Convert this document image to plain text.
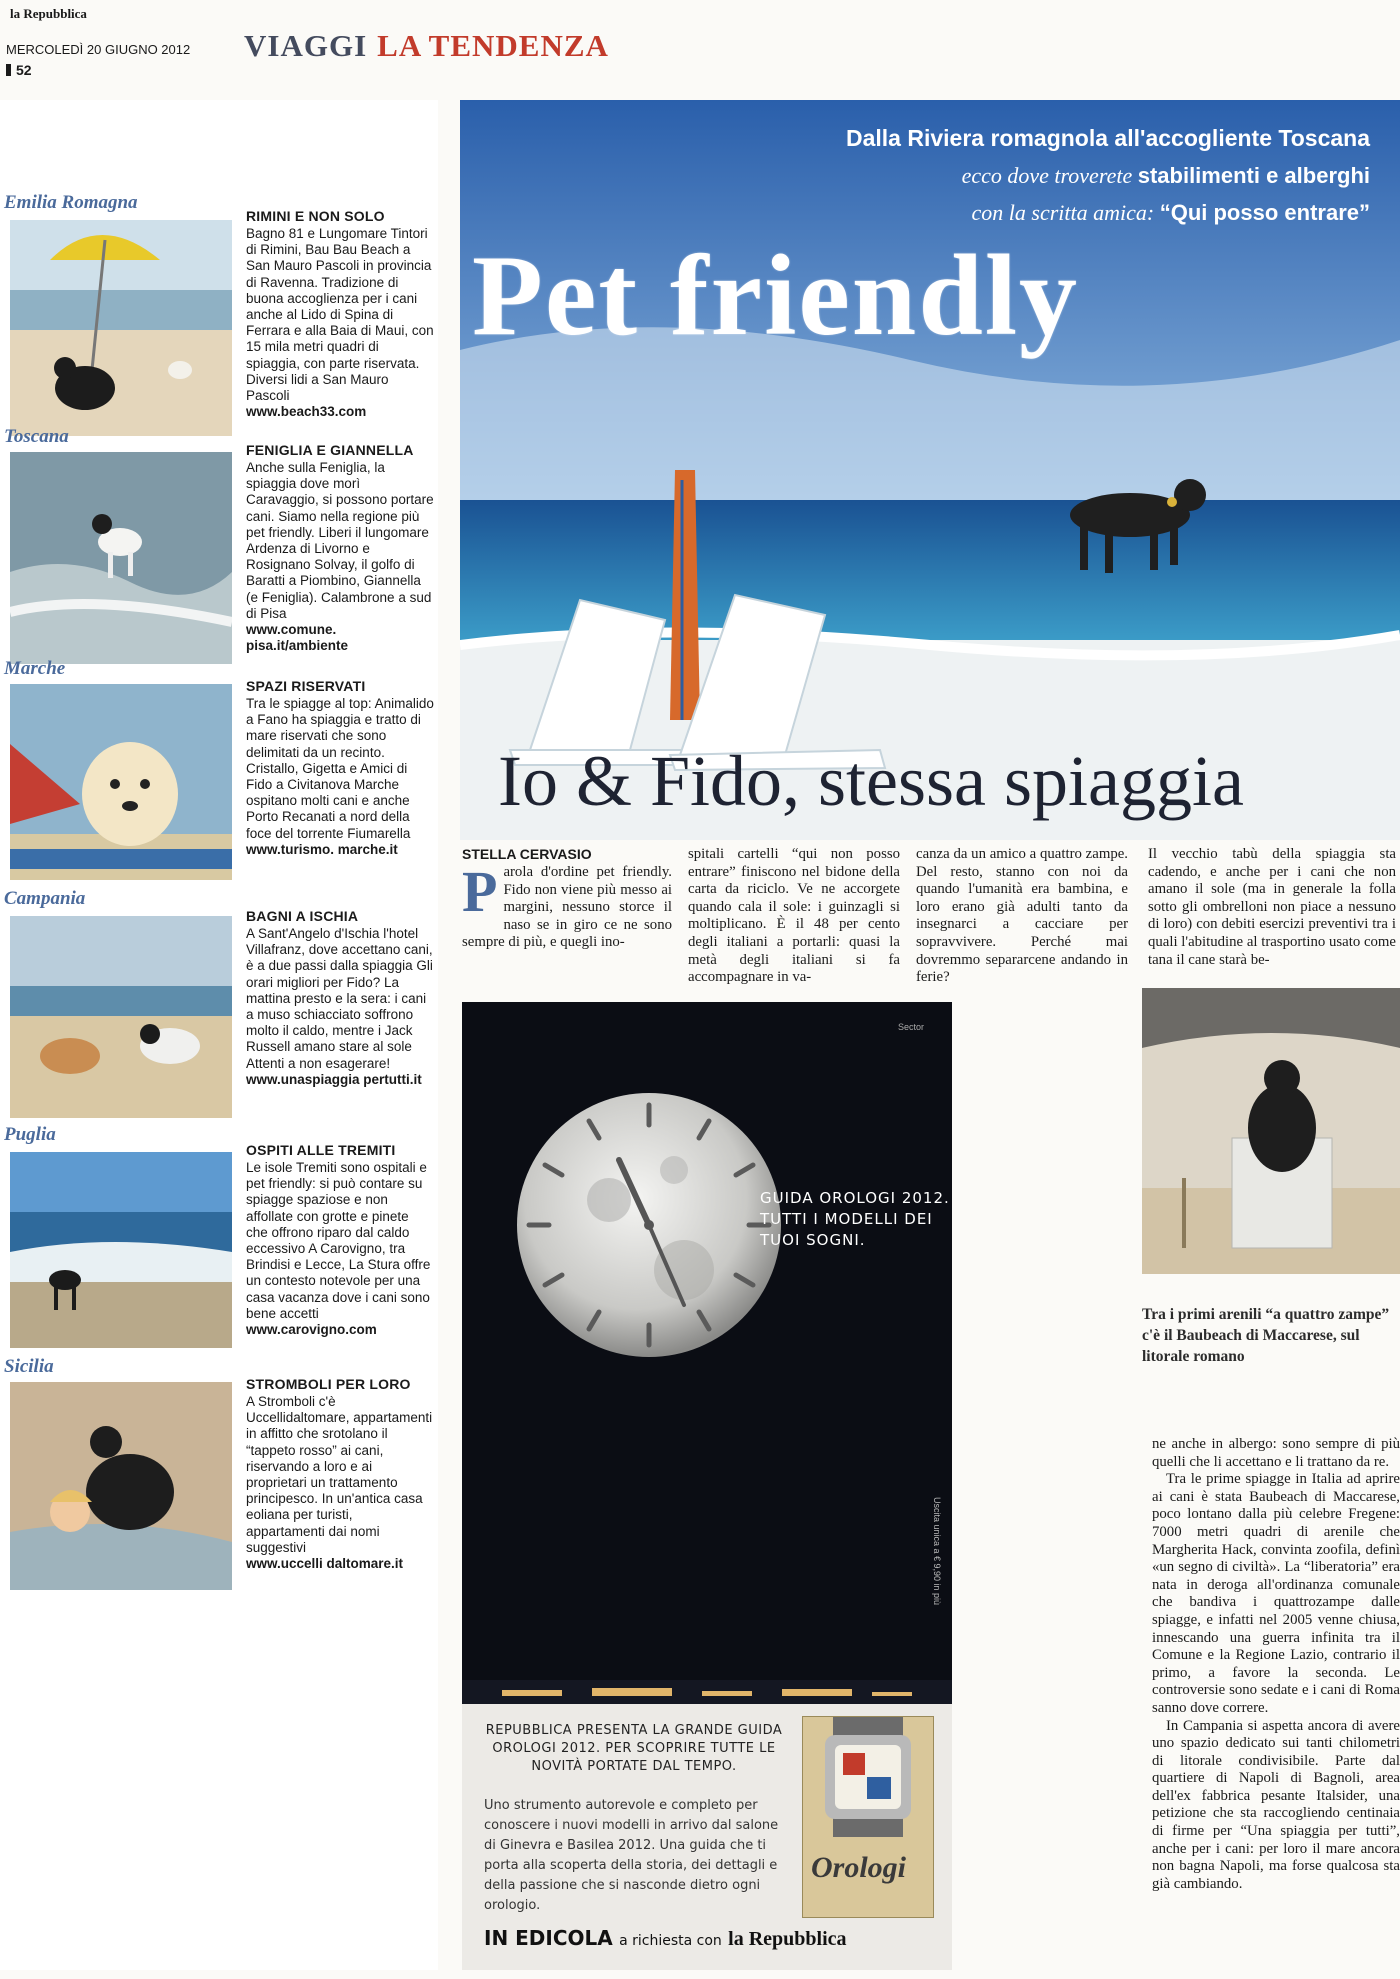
la Repubblica
MERCOLEDÌ 20 GIUGNO 2012
52
VIAGGI LA TENDENZA
Emilia Romagna
RIMINI E NON SOLO
Bagno 81 e Lungomare Tintori di Rimini, Bau Bau Beach a San Mauro Pascoli in provincia di Ravenna. Tradizione di buona accoglienza per i cani anche al Lido di Spina di Ferrara e alla Baia di Maui, con 15 mila metri quadri di spiaggia, con parte riservata. Diversi lidi a San Mauro Pascoli
www.beach33.com
Toscana
FENIGLIA E GIANNELLA
Anche sulla Feniglia, la spiaggia dove morì Caravaggio, si possono portare cani. Siamo nella regione più pet friendly. Liberi il lungomare Ardenza di Livorno e Rosignano Solvay, il golfo di Baratti a Piombino, Giannella (e Feniglia). Calambrone a sud di Pisa
www.comune. pisa.it/ambiente
Marche
SPAZI RISERVATI
Tra le spiagge al top: Animalido a Fano ha spiaggia e tratto di mare riservati che sono delimitati da un recinto. Cristallo, Gigetta e Amici di Fido a Civitanova Marche ospitano molti cani e anche Porto Recanati a nord della foce del torrente Fiumarella
www.turismo. marche.it
Campania
BAGNI A ISCHIA
A Sant'Angelo d'Ischia l'hotel Villafranz, dove accettano cani, è a due passi dalla spiaggia Gli orari migliori per Fido? La mattina presto e la sera: i cani a muso schiacciato soffrono molto il caldo, mentre i Jack Russell amano stare al sole Attenti a non esagerare!
www.unaspiaggia pertutti.it
Puglia
OSPITI ALLE TREMITI
Le isole Tremiti sono ospitali e pet friendly: si può contare su spiagge spaziose e non affollate con grotte e pinete che offrono riparo dal caldo eccessivo A Carovigno, tra Brindisi e Lecce, La Stura offre un contesto notevole per una casa vacanza dove i cani sono bene accetti
www.carovigno.com
Sicilia
STROMBOLI PER LORO
A Stromboli c'è Uccellidaltomare, appartamenti in affitto che srotolano il “tappeto rosso” ai cani, riservando a loro e ai proprietari un trattamento principesco. In un'antica casa eoliana per turisti, appartamenti dai nomi suggestivi
www.uccelli daltomare.it
Dalla Riviera romagnola all'accogliente Toscana
ecco dove troverete stabilimenti e alberghi
con la scritta amica: “Qui posso entrare”
Pet friendly
Io & Fido, stessa spiaggia
STELLA CERVASIO
Parola d'ordine pet friendly. Fido non viene più messo ai margini, nessuno storce il naso se in giro ce ne sono sempre di più, e quegli ino-
spitali cartelli “qui non posso entrare” finiscono nel bidone della carta da riciclo. Ve ne accorgete quando cala il sole: i guinzagli si moltiplicano. È il 48 per cento degli italiani a portarli: quasi la metà degli italiani si fa accompagnare in va-
canza da un amico a quattro zampe. Del resto, stanno con noi da quando l'umanità era bambina, e loro erano già adulti tanto da insegnarci a cacciare per sopravvivere. Perché mai dovremmo separarcene andando in ferie?
Il vecchio tabù della spiaggia sta cadendo, e anche per i cani che non amano il sole (ma in generale la folla sotto gli ombrelloni non piace a nessuno di loro) con debiti esercizi preventivi tra i quali l'abitudine al trasportino usato come tana il cane starà be-
Sector
GUIDA OROLOGI 2012.
TUTTI I MODELLI DEI TUOI SOGNI.
Uscita unica a € 9,90 in più
REPUBBLICA PRESENTA LA GRANDE GUIDA OROLOGI 2012. PER SCOPRIRE TUTTE LE NOVITÀ PORTATE DAL TEMPO.
Uno strumento autorevole e completo per conoscere i nuovi modelli in arrivo dal salone di Ginevra e Basilea 2012. Una guida che ti porta alla scoperta della storia, dei dettagli e della passione che si nasconde dietro ogni orologio.
IN EDICOLA a richiesta con la Repubblica
Orologi
Tra i primi arenili “a quattro zampe” c'è il Baubeach di Maccarese, sul litorale romano

ne anche in albergo: sono sempre di più quelli che li accettano e li trattano da re.

Tra le prime spiagge in Italia ad aprire ai cani è stata Baubeach di Maccarese, poco lontano dalla più celebre Fregene: 7000 metri quadri di arenile che Margherita Hack, convinta zoofila, definì «un segno di civiltà». La “liberatoria” era nata in deroga all'ordinanza comunale che bandiva i quattrozampe dalle spiagge, e infatti nel 2005 venne chiusa, innescando una guerra infinita tra il Comune e la Regione Lazio, contrario il primo, a favore la seconda. Le controversie sono sedate e i cani di Roma sanno dove correre.

In Campania si aspetta ancora di avere uno spazio dedicato sui tanti chilometri di litorale condivisibile. Parte dal quartiere di Napoli di Bagnoli, area dell'ex fabbrica pesante Italsider, una petizione che sta raccogliendo centinaia di firme per “Una spiaggia per tutti”, anche per i cani: per loro il mare ancora non bagna Napoli, ma forse qualcosa sta già cambiando.
